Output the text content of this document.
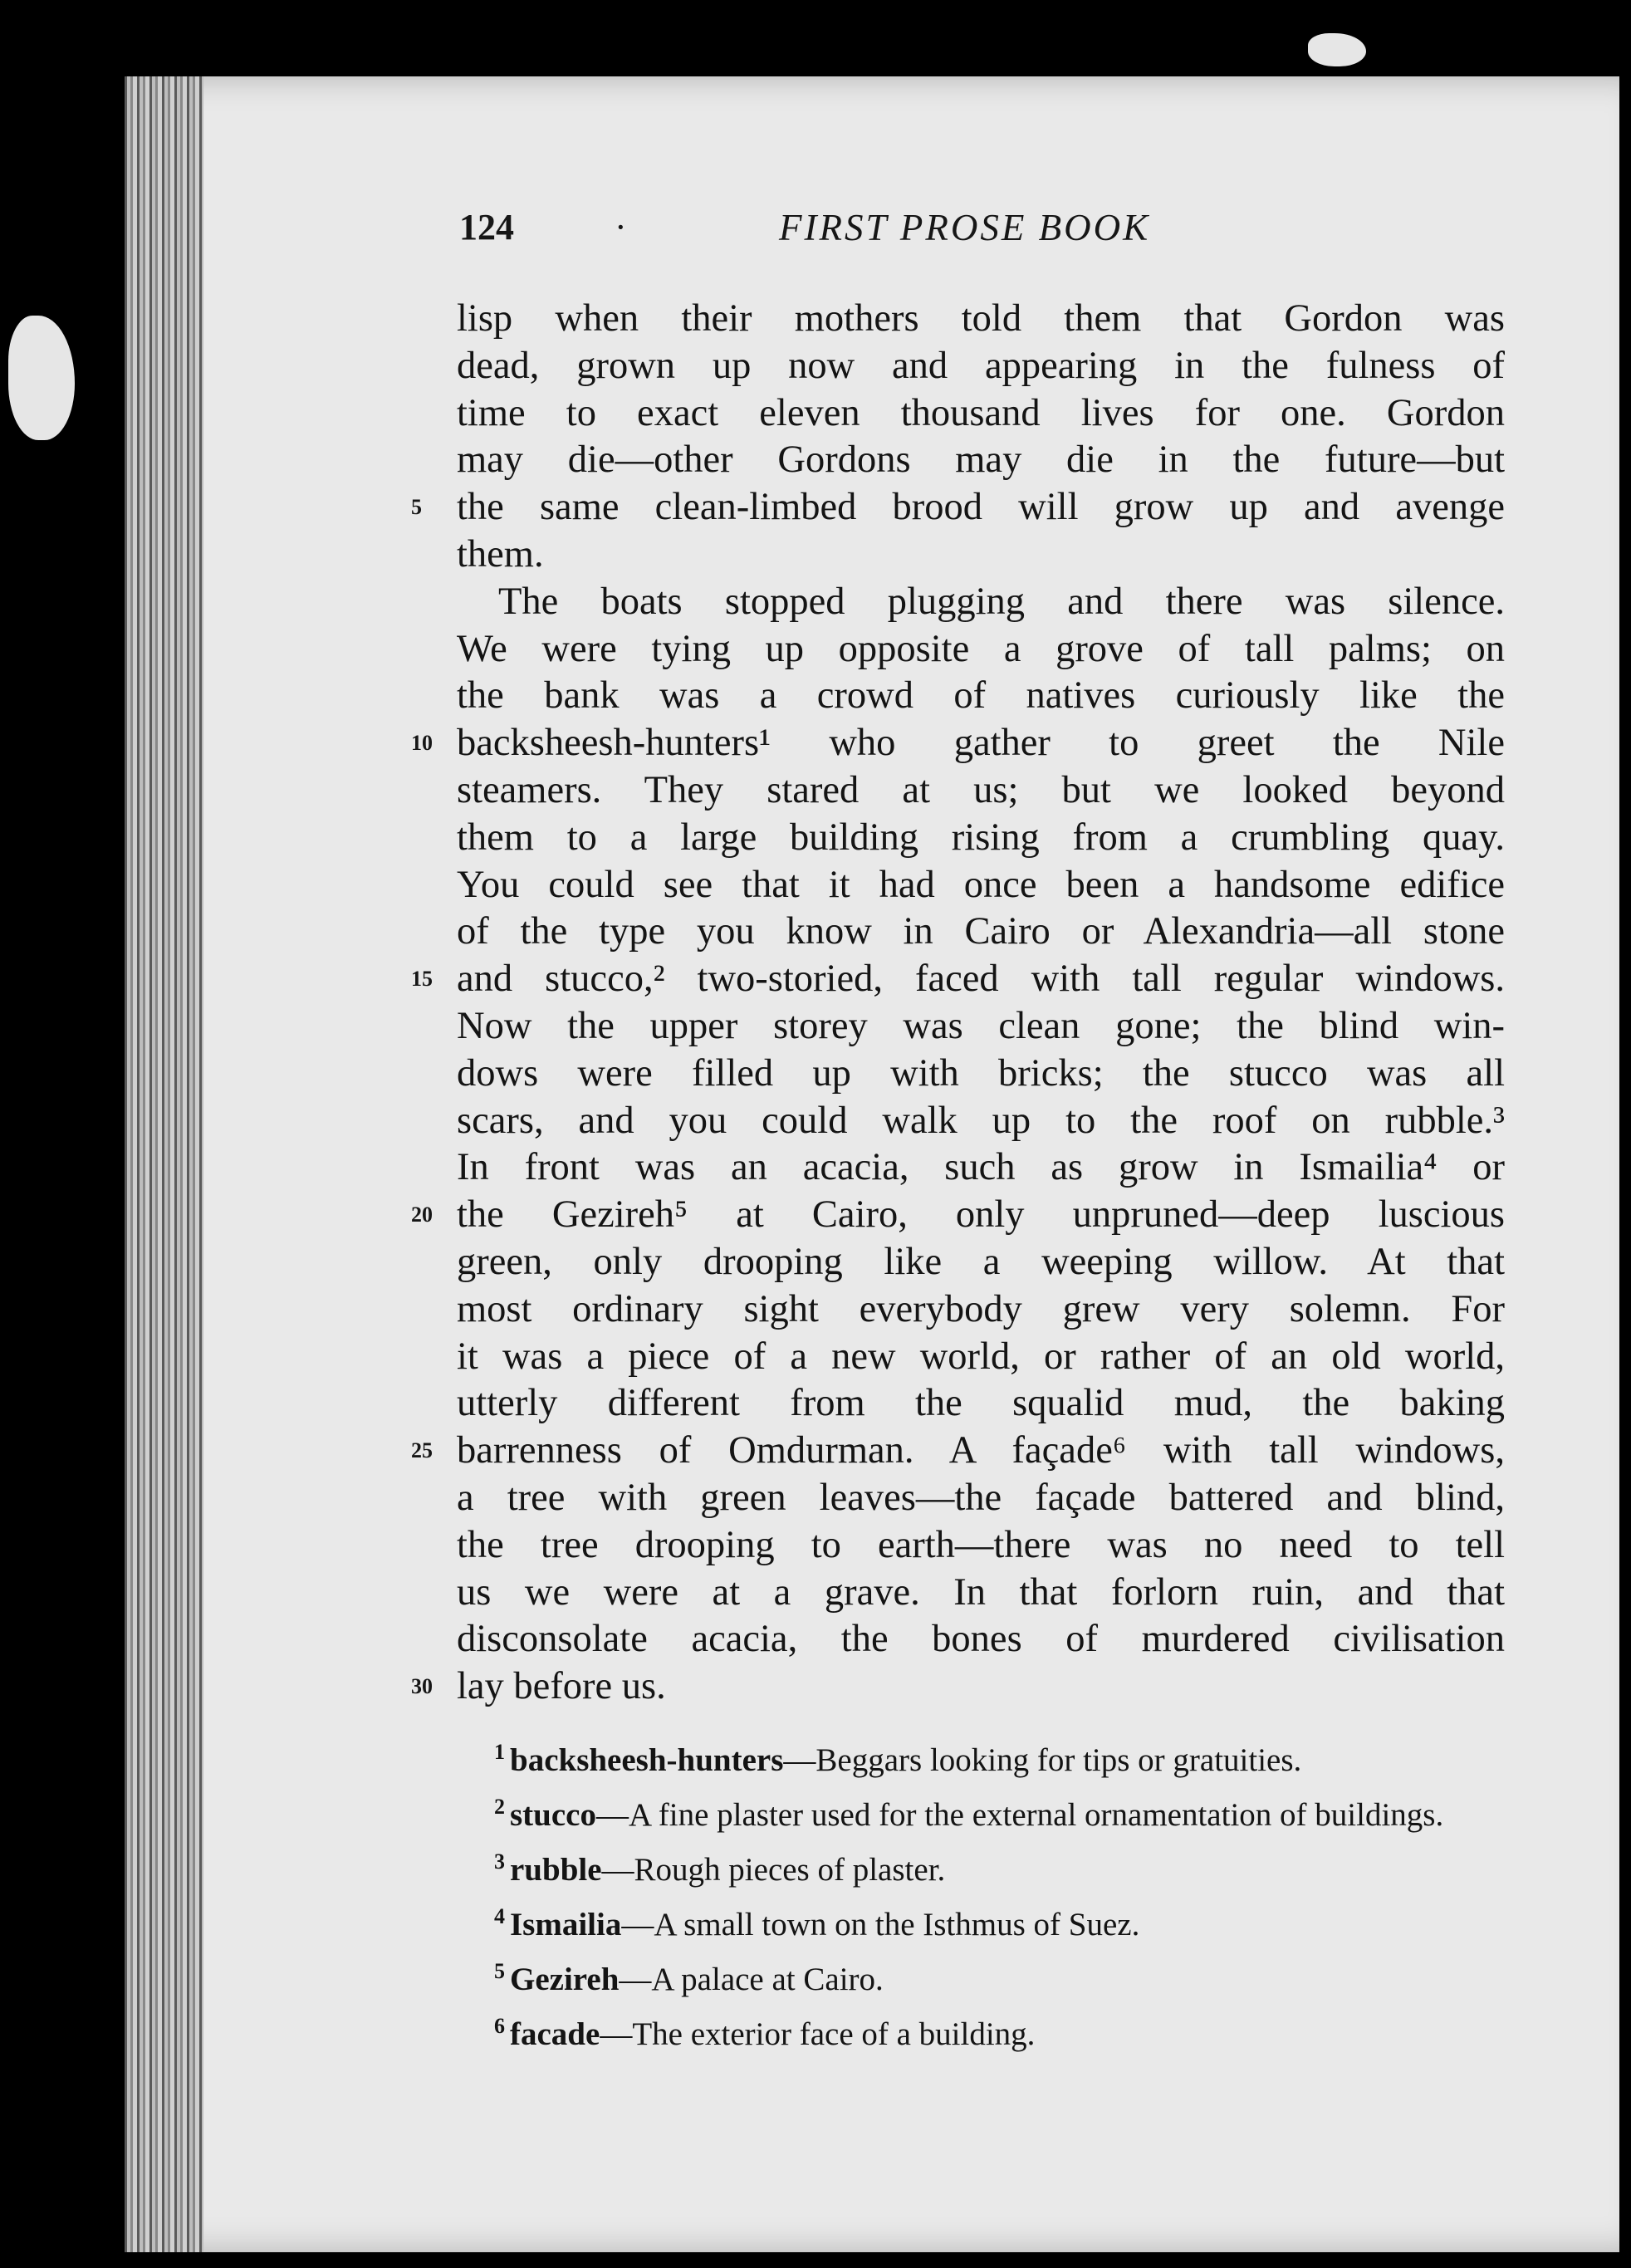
124	·	FIRST PROSE BOOK
lisp when their mothers told them that Gordon was
dead, grown up now and appearing in the fulness of
time to exact eleven thousand lives for one. Gordon
may die—other Gordons may die in the future—but
5 the same clean-limbed brood will grow up and avenge
them.
The boats stopped plugging and there was silence.
We were tying up opposite a grove of tall palms; on
the bank was a crowd of natives curiously like the
10 backsheesh-hunters¹ who gather to greet the Nile
steamers. They stared at us; but we looked beyond
them to a large building rising from a crumbling quay.
You could see that it had once been a handsome edifice
of the type you know in Cairo or Alexandria—all stone
15 and stucco,² two-storied, faced with tall regular windows.
Now the upper storey was clean gone; the blind win-
dows were filled up with bricks; the stucco was all
scars, and you could walk up to the roof on rubble.³
In front was an acacia, such as grow in Ismailia⁴ or
20 the Gezireh⁵ at Cairo, only unpruned—deep luscious
green, only drooping like a weeping willow. At that
most ordinary sight everybody grew very solemn. For
it was a piece of a new world, or rather of an old world,
utterly different from the squalid mud, the baking
25 barrenness of Omdurman. A façade⁶ with tall windows,
a tree with green leaves—the façade battered and blind,
the tree drooping to earth—there was no need to tell
us we were at a grave. In that forlorn ruin, and that
disconsolate acacia, the bones of murdered civilisation
30 lay before us.
$^1$ backsheesh-hunters—Beggars looking for tips or gratuities.
$^2$ stucco—A fine plaster used for the external ornamentation of buildings.
$^3$ rubble—Rough pieces of plaster.
$^4$ Ismailia—A small town on the Isthmus of Suez.
$^5$ Gezireh—A palace at Cairo.
$^6$ facade—The exterior face of a building.
